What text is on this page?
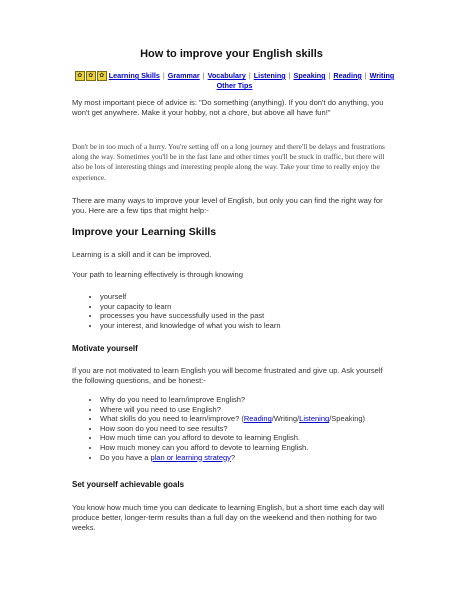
How to improve your English skills
✿ ✿ ✿ Learning Skills | Grammar | Vocabulary | Listening | Speaking | Reading | Writing
Other Tips
My most important piece of advice is: "Do something (anything). If you don't do anything, you won't get anywhere. Make it your hobby, not a chore, but above all have fun!"
Don't be in too much of a hurry. You're setting off on a long journey and there'll be delays and frustrations along the way. Sometimes you'll be in the fast lane and other times you'll be stuck in traffic, but there will also be lots of interesting things and interesting people along the way. Take your time to really enjoy the experience.
There are many ways to improve your level of English, but only you can find the right way for you. Here are a few tips that might help:-
Improve your Learning Skills
Learning is a skill and it can be improved.
Your path to learning effectively is through knowing
• yourself
• your capacity to learn
• processes you have successfully used in the past
• your interest, and knowledge of what you wish to learn
Motivate yourself
If you are not motivated to learn English you will become frustrated and give up. Ask yourself the following questions, and be honest:-
• Why do you need to learn/improve English?
• Where will you need to use English?
• What skills do you need to learn/improve? (Reading/Writing/Listening/Speaking)
• How soon do you need to see results?
• How much time can you afford to devote to learning English.
• How much money can you afford to devote to learning English.
• Do you have a plan or learning strategy?
Set yourself achievable goals
You know how much time you can dedicate to learning English, but a short time each day will produce better, longer-term results than a full day on the weekend and then nothing for two weeks.
